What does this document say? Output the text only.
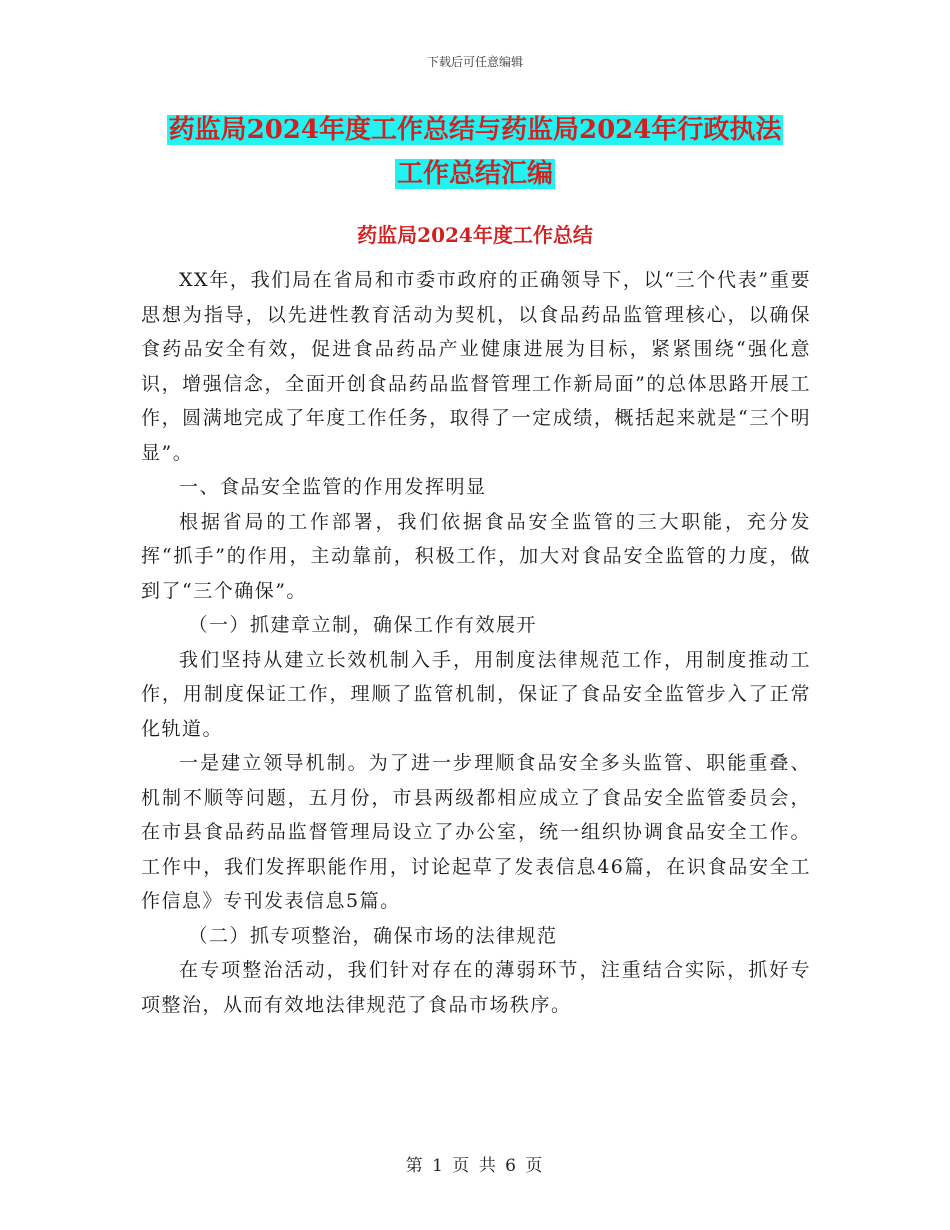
下载后可任意编辑
药监局2024年度工作总结与药监局2024年行政执法
工作总结汇编
药监局2024年度工作总结

XX年，我们局在省局和市委市政府的正确领导下，以“三个代表”重要思想为指导，以先进性教育活动为契机，以食品药品监管理核心，以确保食药品安全有效，促进食品药品产业健康进展为目标，紧紧围绕“强化意识，增强信念，全面开创食品药品监督管理工作新局面”的总体思路开展工作，圆满地完成了年度工作任务，取得了一定成绩，概括起来就是“三个明显”。

一、食品安全监管的作用发挥明显

根据省局的工作部署，我们依据食品安全监管的三大职能，充分发挥“抓手”的作用，主动靠前，积极工作，加大对食品安全监管的力度，做到了“三个确保”。

（一）抓建章立制，确保工作有效展开

我们坚持从建立长效机制入手，用制度法律规范工作，用制度推动工作，用制度保证工作，理顺了监管机制，保证了食品安全监管步入了正常化轨道。

一是建立领导机制。为了进一步理顺食品安全多头监管、职能重叠、机制不顺等问题，五月份，市县两级都相应成立了食品安全监管委员会，在市县食品药品监督管理局设立了办公室，统一组织协调食品安全工作。工作中，我们发挥职能作用，讨论起草了发表信息46篇，在识食品安全工作信息》专刊发表信息5篇。

（二）抓专项整治，确保市场的法律规范

在专项整治活动，我们针对存在的薄弱环节，注重结合实际，抓好专项整治，从而有效地法律规范了食品市场秩序。

第 1 页 共 6 页
